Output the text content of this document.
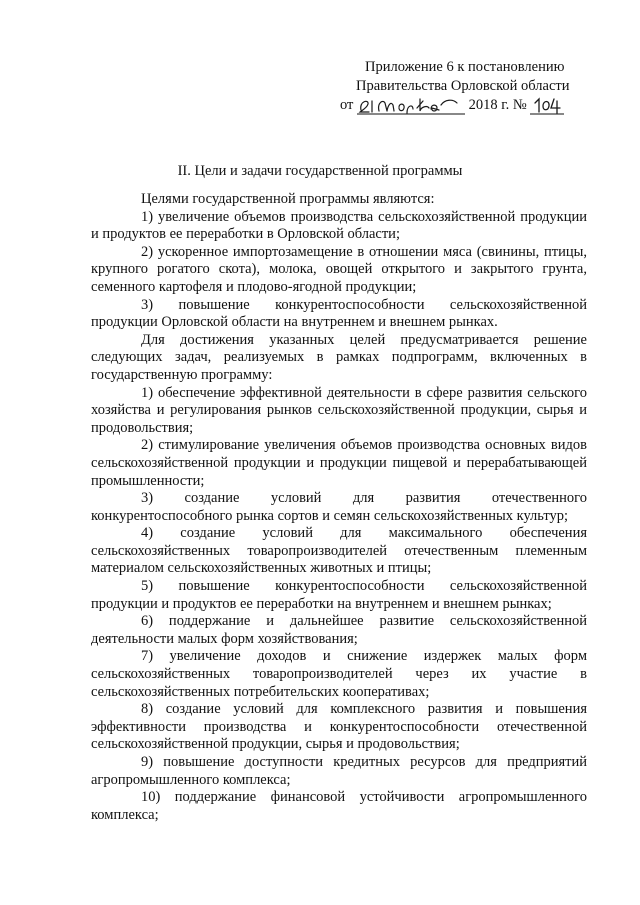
Приложение 6 к постановлению
Правительства Орловской области
от	2018 г. №
II. Цели и задачи государственной программы

Целями государственной программы являются:

1) увеличение объемов производства сельскохозяйственной продукции и продуктов ее переработки в Орловской области;

2) ускоренное импортозамещение в отношении мяса (свинины, птицы, крупного рогатого скота), молока, овощей открытого и закрытого грунта, семенного картофеля и плодово-ягодной продукции;

3) повышение конкурентоспособности сельскохозяйственной продукции Орловской области на внутреннем и внешнем рынках.

Для достижения указанных целей предусматривается решение следующих задач, реализуемых в рамках подпрограмм, включенных в государственную программу:

1) обеспечение эффективной деятельности в сфере развития сельского хозяйства и регулирования рынков сельскохозяйственной продукции, сырья и продовольствия;

2) стимулирование увеличения объемов производства основных видов сельскохозяйственной продукции и продукции пищевой и перерабатывающей промышленности;

3) создание условий для развития отечественного конкурентоспособного рынка сортов и семян сельскохозяйственных культур;

4) создание условий для максимального обеспечения сельскохозяйственных товаропроизводителей отечественным племенным материалом сельскохозяйственных животных и птицы;

5) повышение конкурентоспособности сельскохозяйственной продукции и продуктов ее переработки на внутреннем и внешнем рынках;

6) поддержание и дальнейшее развитие сельскохозяйственной деятельности малых форм хозяйствования;

7) увеличение доходов и снижение издержек малых форм сельскохозяйственных товаропроизводителей через их участие в сельскохозяйственных потребительских кооперативах;

8) создание условий для комплексного развития и повышения эффективности производства и конкурентоспособности отечественной сельскохозяйственной продукции, сырья и продовольствия;

9) повышение доступности кредитных ресурсов для предприятий агропромышленного комплекса;

10) поддержание финансовой устойчивости агропромышленного комплекса;
